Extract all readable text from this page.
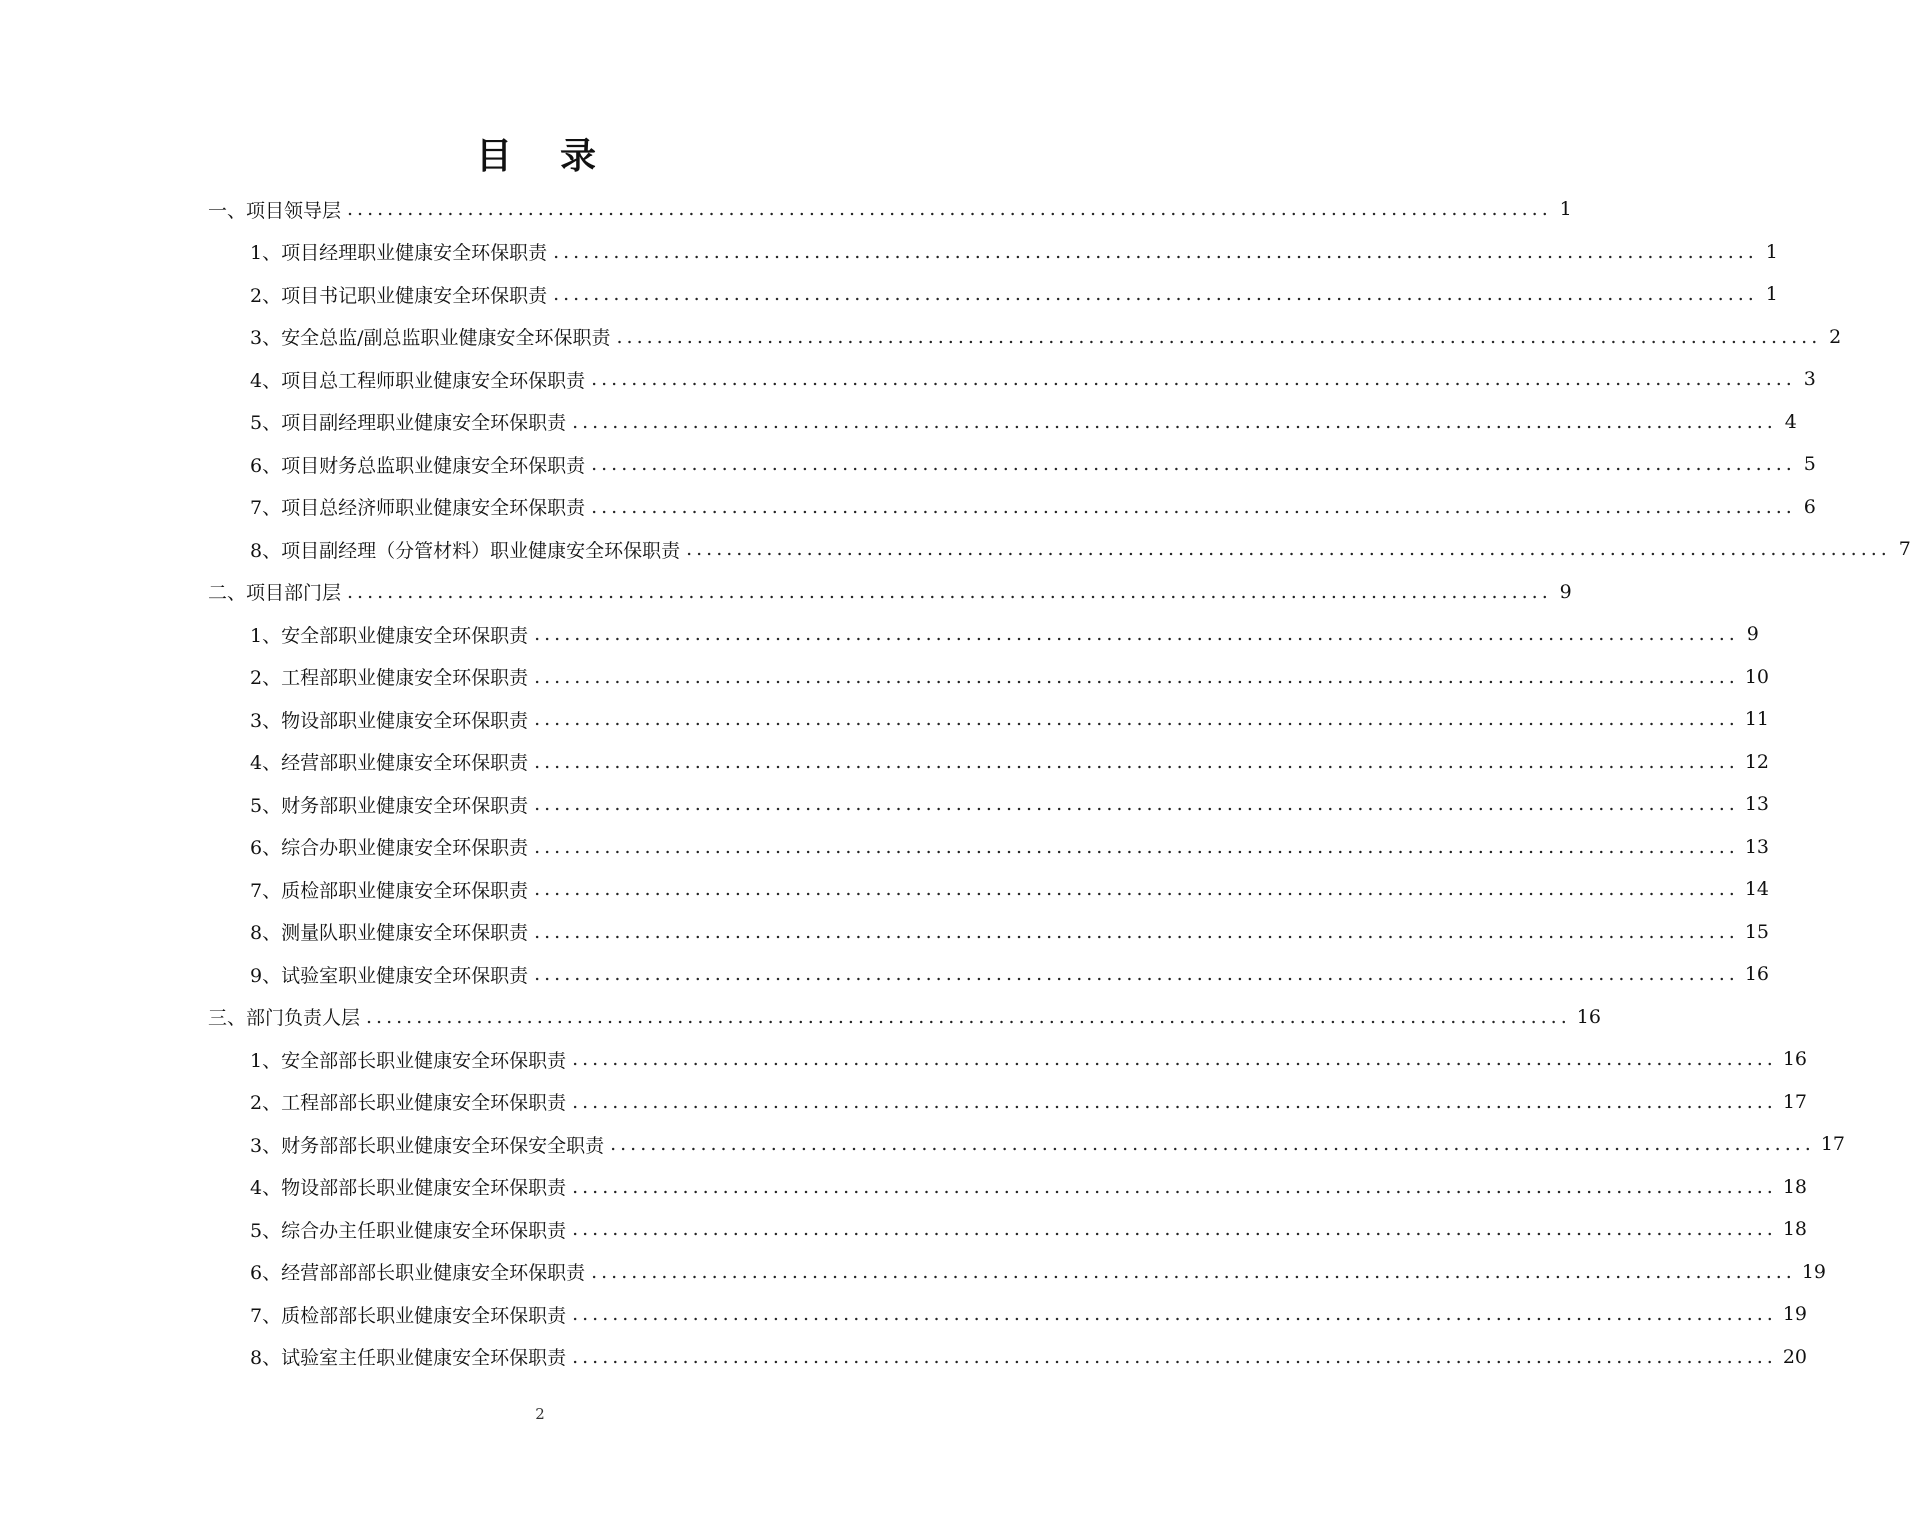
目 录
一、项目领导层 ........................................................................................................................ 1
1、项目经理职业健康安全环保职责 ........................................................................................................................ 1
2、项目书记职业健康安全环保职责 ........................................................................................................................ 1
3、安全总监/副总监职业健康安全环保职责 ........................................................................................................................ 2
4、项目总工程师职业健康安全环保职责 ........................................................................................................................ 3
5、项目副经理职业健康安全环保职责 ........................................................................................................................ 4
6、项目财务总监职业健康安全环保职责 ........................................................................................................................ 5
7、项目总经济师职业健康安全环保职责 ........................................................................................................................ 6
8、项目副经理（分管材料）职业健康安全环保职责 ........................................................................................................................ 7
二、项目部门层 ........................................................................................................................ 9
1、安全部职业健康安全环保职责 ........................................................................................................................ 9
2、工程部职业健康安全环保职责 ........................................................................................................................ 10
3、物设部职业健康安全环保职责 ........................................................................................................................ 11
4、经营部职业健康安全环保职责 ........................................................................................................................ 12
5、财务部职业健康安全环保职责 ........................................................................................................................ 13
6、综合办职业健康安全环保职责 ........................................................................................................................ 13
7、质检部职业健康安全环保职责 ........................................................................................................................ 14
8、测量队职业健康安全环保职责 ........................................................................................................................ 15
9、试验室职业健康安全环保职责 ........................................................................................................................ 16
三、部门负责人层 ........................................................................................................................ 16
1、安全部部长职业健康安全环保职责 ........................................................................................................................ 16
2、工程部部长职业健康安全环保职责 ........................................................................................................................ 17
3、财务部部长职业健康安全环保安全职责 ........................................................................................................................ 17
4、物设部部长职业健康安全环保职责 ........................................................................................................................ 18
5、综合办主任职业健康安全环保职责 ........................................................................................................................ 18
6、经营部部部长职业健康安全环保职责 ........................................................................................................................ 19
7、质检部部长职业健康安全环保职责 ........................................................................................................................ 19
8、试验室主任职业健康安全环保职责 ........................................................................................................................ 20
2
